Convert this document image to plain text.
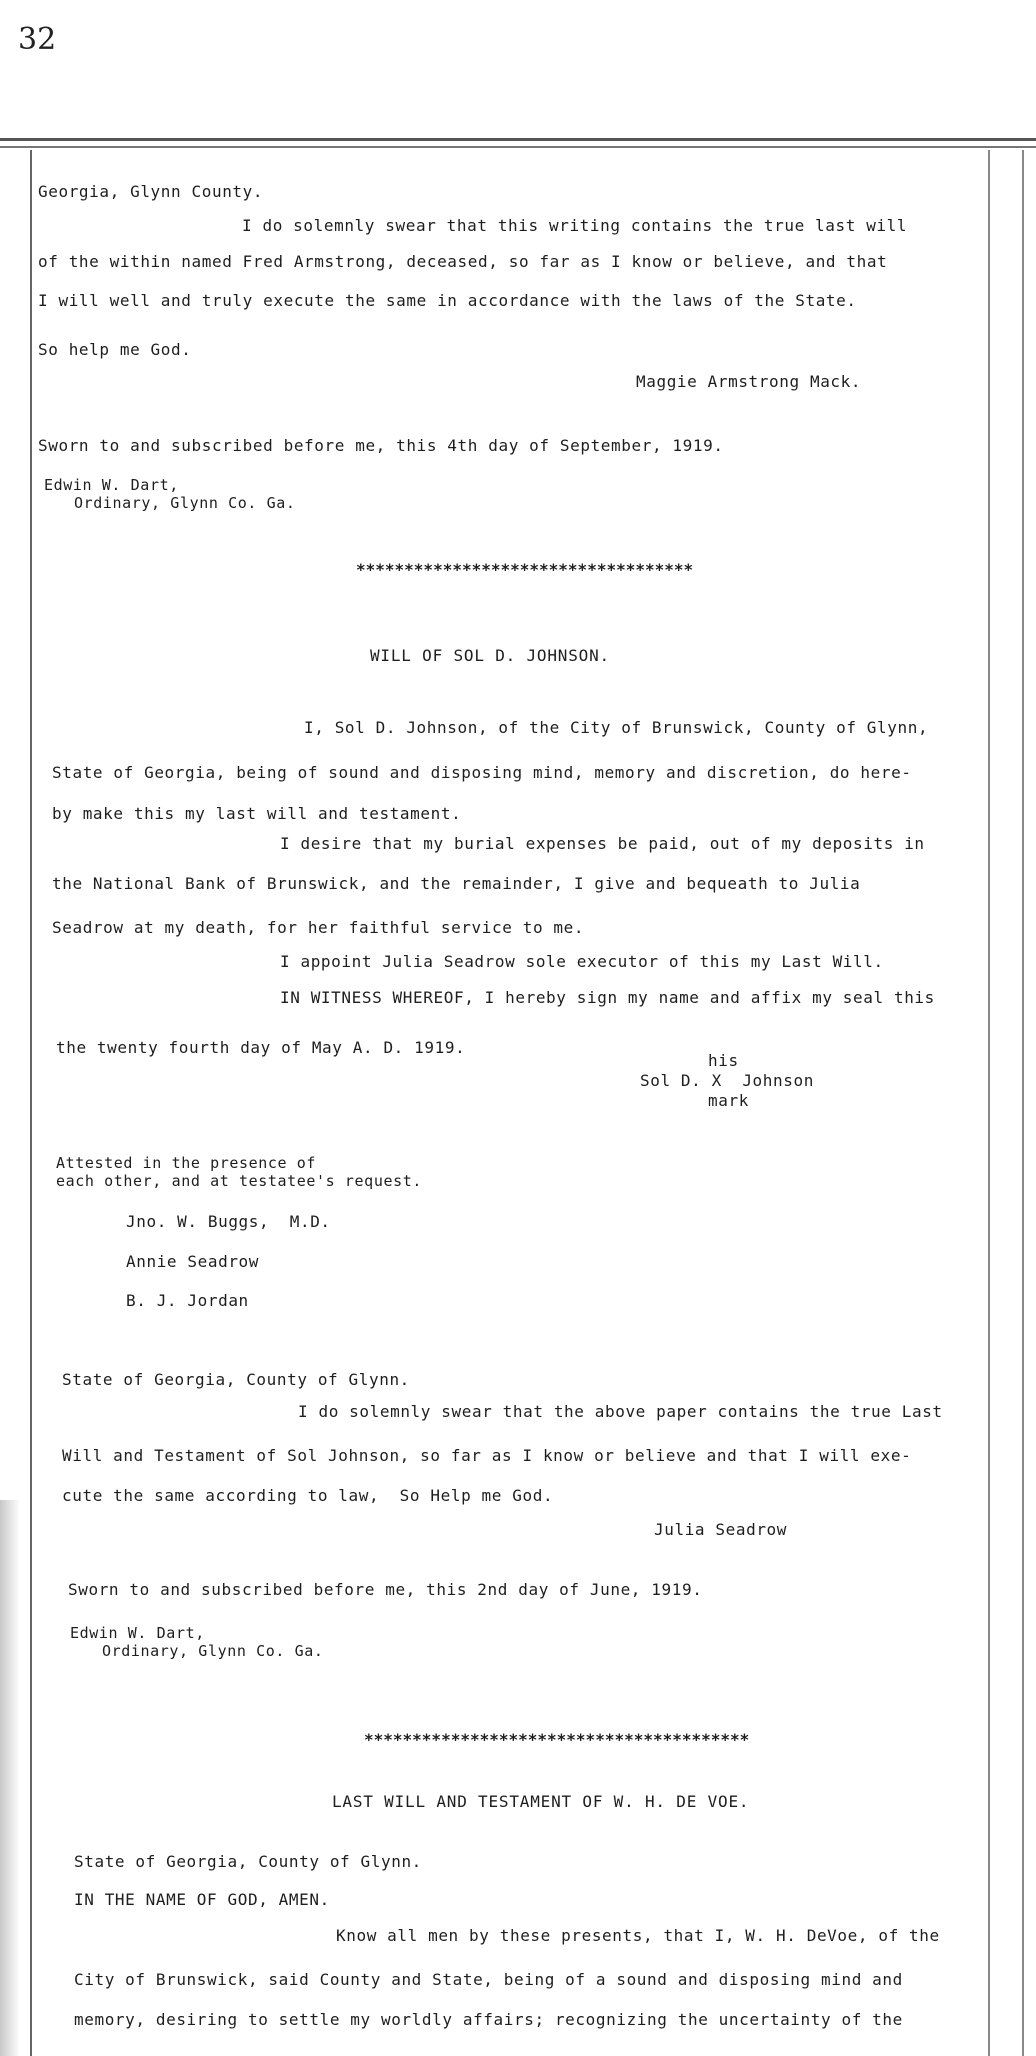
32
Georgia, Glynn County.
I do solemnly swear that this writing contains the true last will
of the within named Fred Armstrong, deceased, so far as I know or believe, and that
I will well and truly execute the same in accordance with the laws of the State.
So help me God.
Maggie Armstrong Mack.
Sworn to and subscribed before me, this 4th day of September, 1919.
Edwin W. Dart,
Ordinary, Glynn Co. Ga.
***********************************
WILL OF SOL D. JOHNSON.
I, Sol D. Johnson, of the City of Brunswick, County of Glynn,
State of Georgia, being of sound and disposing mind, memory and discretion, do here-
by make this my last will and testament.
I desire that my burial expenses be paid, out of my deposits in
the National Bank of Brunswick, and the remainder, I give and bequeath to Julia
Seadrow at my death, for her faithful service to me.
I appoint Julia Seadrow sole executor of this my Last Will.
IN WITNESS WHEREOF, I hereby sign my name and affix my seal this
the twenty fourth day of May A. D. 1919.
his
Sol D. X  Johnson
mark
Attested in the presence of
each other, and at testatee's request.
Jno. W. Buggs,  M.D.
Annie Seadrow
B. J. Jordan
State of Georgia, County of Glynn.
I do solemnly swear that the above paper contains the true Last
Will and Testament of Sol Johnson, so far as I know or believe and that I will exe-
cute the same according to law,  So Help me God.
Julia Seadrow
Sworn to and subscribed before me, this 2nd day of June, 1919.
Edwin W. Dart,
Ordinary, Glynn Co. Ga.
****************************************
LAST WILL AND TESTAMENT OF W. H. DE VOE.
State of Georgia, County of Glynn.
IN THE NAME OF GOD, AMEN.
Know all men by these presents, that I, W. H. DeVoe, of the
City of Brunswick, said County and State, being of a sound and disposing mind and
memory, desiring to settle my worldly affairs; recognizing the uncertainty of the
